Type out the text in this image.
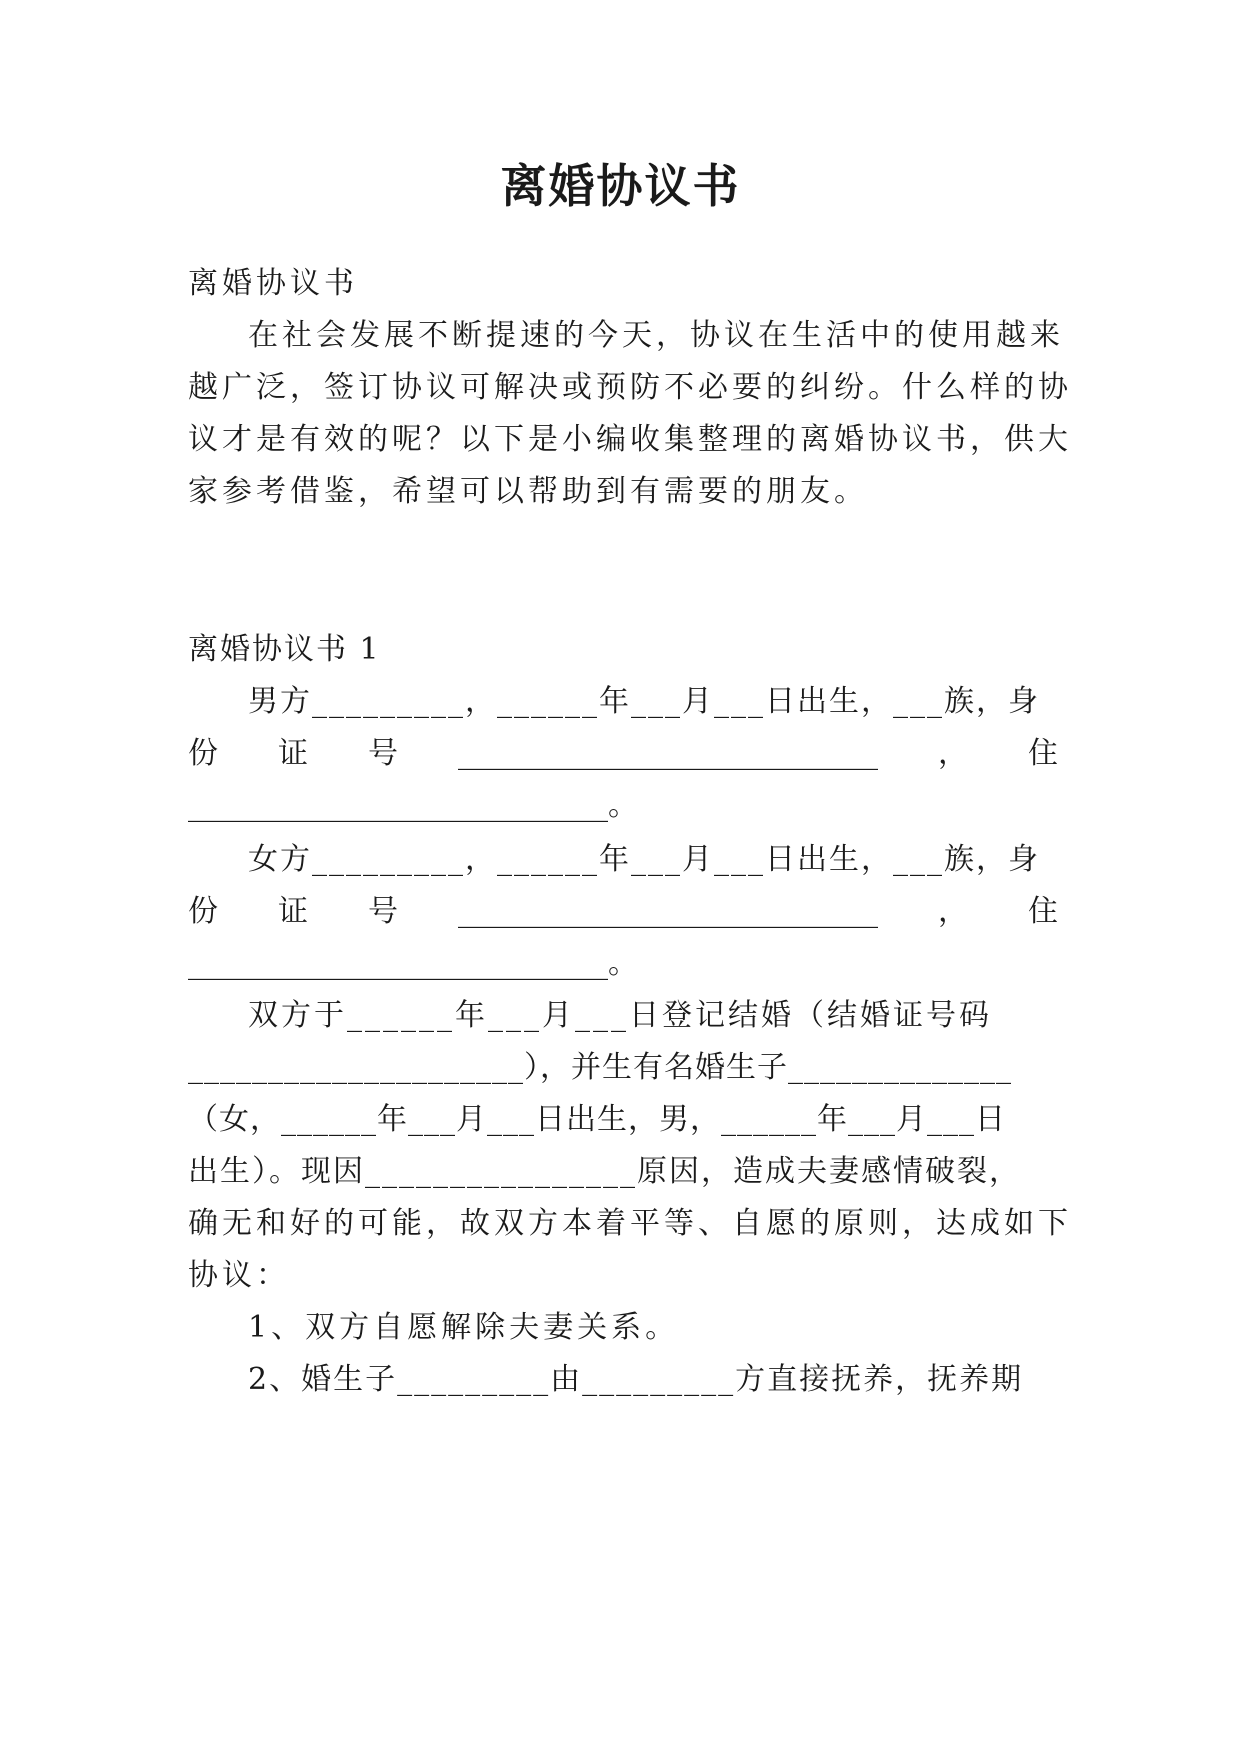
离婚协议书
离婚协议书
在社会发展不断提速的今天，协议在生活中的使用越来
越广泛，签订协议可解决或预防不必要的纠纷。什么样的协
议才是有效的呢？以下是小编收集整理的离婚协议书，供大
家参考借鉴，希望可以帮助到有需要的朋友。
离婚协议书 1
男方_________，______年___月___日出生，___族，身
份 证 号 ____________________________ ， 住
____________________________。
女方_________，______年___月___日出生，___族，身
份 证 号 ____________________________ ， 住
____________________________。
双方于______年___月___日登记结婚（结婚证号码
_____________________），并生有名婚生子______________
（女，______年___月___日出生，男，______年___月___日
出生）。现因________________原因，造成夫妻感情破裂，
确无和好的可能，故双方本着平等、自愿的原则，达成如下
协议：
1、双方自愿解除夫妻关系。
2、婚生子_________由_________方直接抚养，抚养期
